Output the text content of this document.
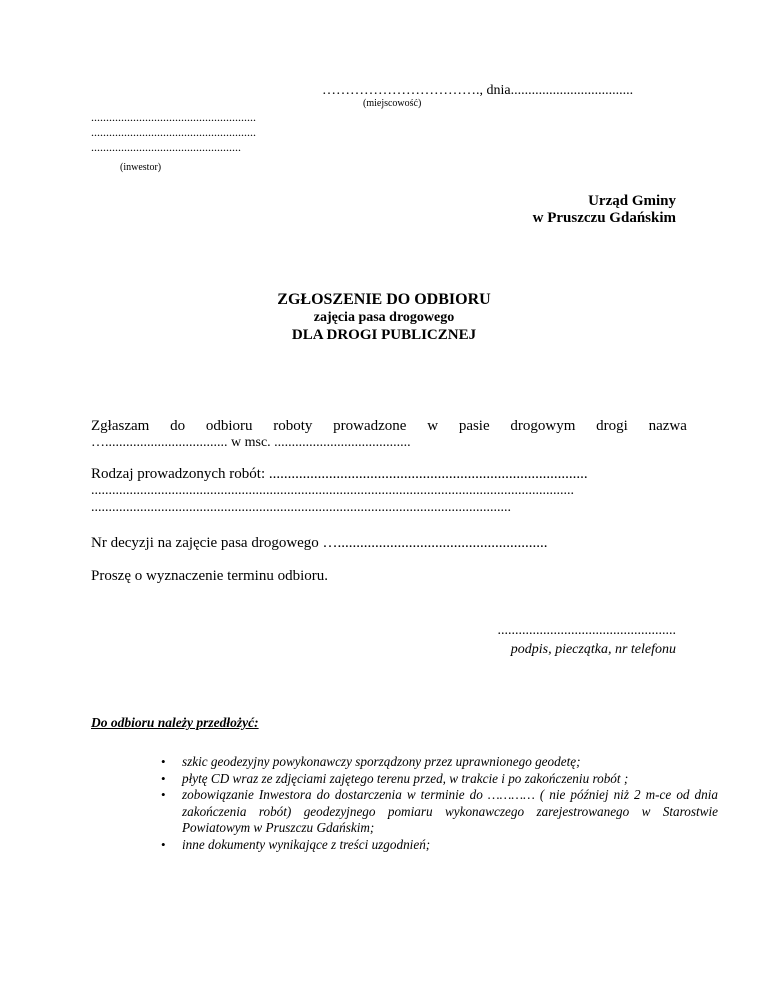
……………………………., dnia...................................
(miejscowość)
.......................................................
.......................................................
..................................................
(inwestor)
Urząd Gminy
w Pruszczu Gdańskim
ZGŁOSZENIE DO ODBIORU
zajęcia pasa drogowego
DLA DROGI PUBLICZNEJ
Zgłaszam do odbioru roboty prowadzone w pasie drogowym drogi nazwa
…................................... w msc. .......................................
Rodzaj prowadzonych robót: .....................................................................................
..........................................................................................................................................
........................................................................................................................
Nr decyzji na zajęcie pasa drogowego …........................................................
Proszę o wyznaczenie terminu odbioru.
...................................................
podpis, pieczątka, nr telefonu
Do odbioru należy przedłożyć:
• szkic geodezyjny powykonawczy sporządzony przez uprawnionego geodetę;
• płytę CD wraz ze zdjęciami zajętego terenu przed, w trakcie i po zakończeniu robót ;
• zobowiązanie Inwestora do dostarczenia w terminie do ………… ( nie później niż 2 m-ce od dnia zakończenia robót) geodezyjnego pomiaru wykonawczego zarejestrowanego w Starostwie Powiatowym w Pruszczu Gdańskim;
• inne dokumenty wynikające z treści uzgodnień;
